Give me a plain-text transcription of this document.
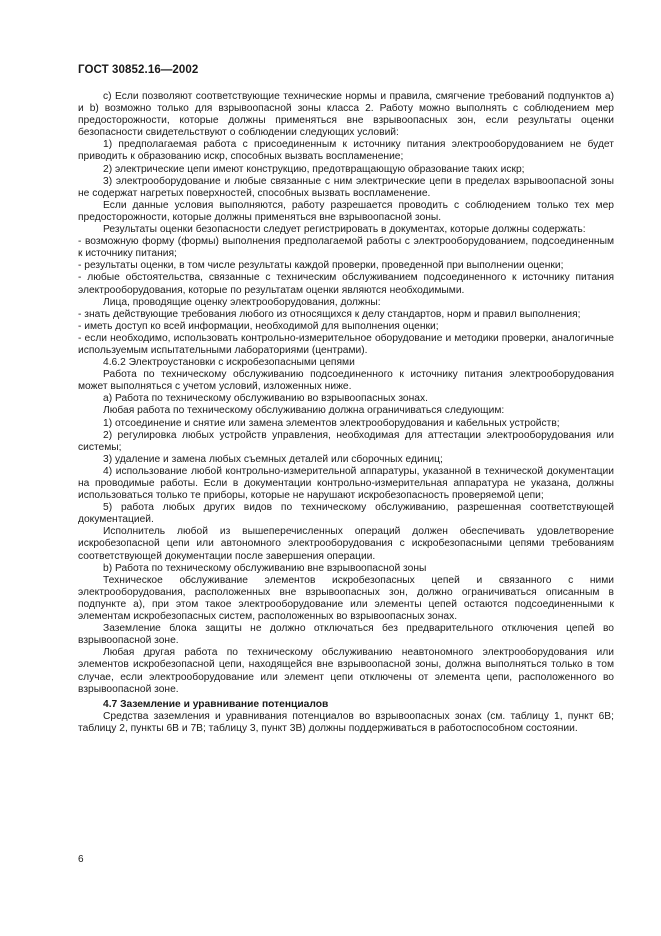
ГОСТ 30852.16—2002

с) Если позволяют соответствующие технические нормы и правила, смягчение требований подпунктов а) и b) возможно только для взрывоопасной зоны класса 2. Работу можно выполнять с соблюдением мер предосторожности, которые должны применяться вне взрывоопасных зон, если результаты оценки безопасности свидетельствуют о соблюдении следующих условий:

1) предполагаемая работа с присоединенным к источнику питания электрооборудованием не будет приводить к образованию искр, способных вызвать воспламенение;

2) электрические цепи имеют конструкцию, предотвращающую образование таких искр;

3) электрооборудование и любые связанные с ним электрические цепи в пределах взрывоопасной зоны не содержат нагретых поверхностей, способных вызвать воспламенение.

Если данные условия выполняются, работу разрешается проводить с соблюдением только тех мер предосторожности, которые должны применяться вне взрывоопасной зоны.

Результаты оценки безопасности следует регистрировать в документах, которые должны содержать:

- возможную форму (формы) выполнения предполагаемой работы с электрооборудованием, подсоединенным к источнику питания;

- результаты оценки, в том числе результаты каждой проверки, проведенной при выполнении оценки;

- любые обстоятельства, связанные с техническим обслуживанием подсоединенного к источнику питания электрооборудования, которые по результатам оценки являются необходимыми.

Лица, проводящие оценку электрооборудования, должны:

- знать действующие требования любого из относящихся к делу стандартов, норм и правил выполнения;

- иметь доступ ко всей информации, необходимой для выполнения оценки;

- если необходимо, использовать контрольно-измерительное оборудование и методики проверки, аналогичные используемым испытательными лабораториями (центрами).

4.6.2 Электроустановки с искробезопасными цепями

Работа по техническому обслуживанию подсоединенного к источнику питания электрооборудования может выполняться с учетом условий, изложенных ниже.

а) Работа по техническому обслуживанию во взрывоопасных зонах.

Любая работа по техническому обслуживанию должна ограничиваться следующим:

1) отсоединение и снятие или замена элементов электрооборудования и кабельных устройств;

2) регулировка любых устройств управления, необходимая для аттестации электрооборудования или системы;

3) удаление и замена любых съемных деталей или сборочных единиц;

4) использование любой контрольно-измерительной аппаратуры, указанной в технической документации на проводимые работы. Если в документации контрольно-измерительная аппаратура не указана, должны использоваться только те приборы, которые не нарушают искробезопасность проверяемой цепи;

5) работа любых других видов по техническому обслуживанию, разрешенная соответствующей документацией.

Исполнитель любой из вышеперечисленных операций должен обеспечивать удовлетворение искробезопасной цепи или автономного электрооборудования с искробезопасными цепями требованиям соответствующей документации после завершения операции.

b) Работа по техническому обслуживанию вне взрывоопасной зоны

Техническое обслуживание элементов искробезопасных цепей и связанного с ними электрооборудования, расположенных вне взрывоопасных зон, должно ограничиваться описанным в подпункте а), при этом такое электрооборудование или элементы цепей остаются подсоединенными к элементам искробезопасных систем, расположенных во взрывоопасных зонах.

Заземление блока защиты не должно отключаться без предварительного отключения цепей во взрывоопасной зоне.

Любая другая работа по техническому обслуживанию неавтономного электрооборудования или элементов искробезопасной цепи, находящейся вне взрывоопасной зоны, должна выполняться только в том случае, если электрооборудование или элемент цепи отключены от элемента цепи, расположенного во взрывоопасной зоне.

4.7 Заземление и уравнивание потенциалов

Средства заземления и уравнивания потенциалов во взрывоопасных зонах (см. таблицу 1, пункт 6В; таблицу 2, пункты 6В и 7В; таблицу 3, пункт 3В) должны поддерживаться в работоспособном состоянии.

6
